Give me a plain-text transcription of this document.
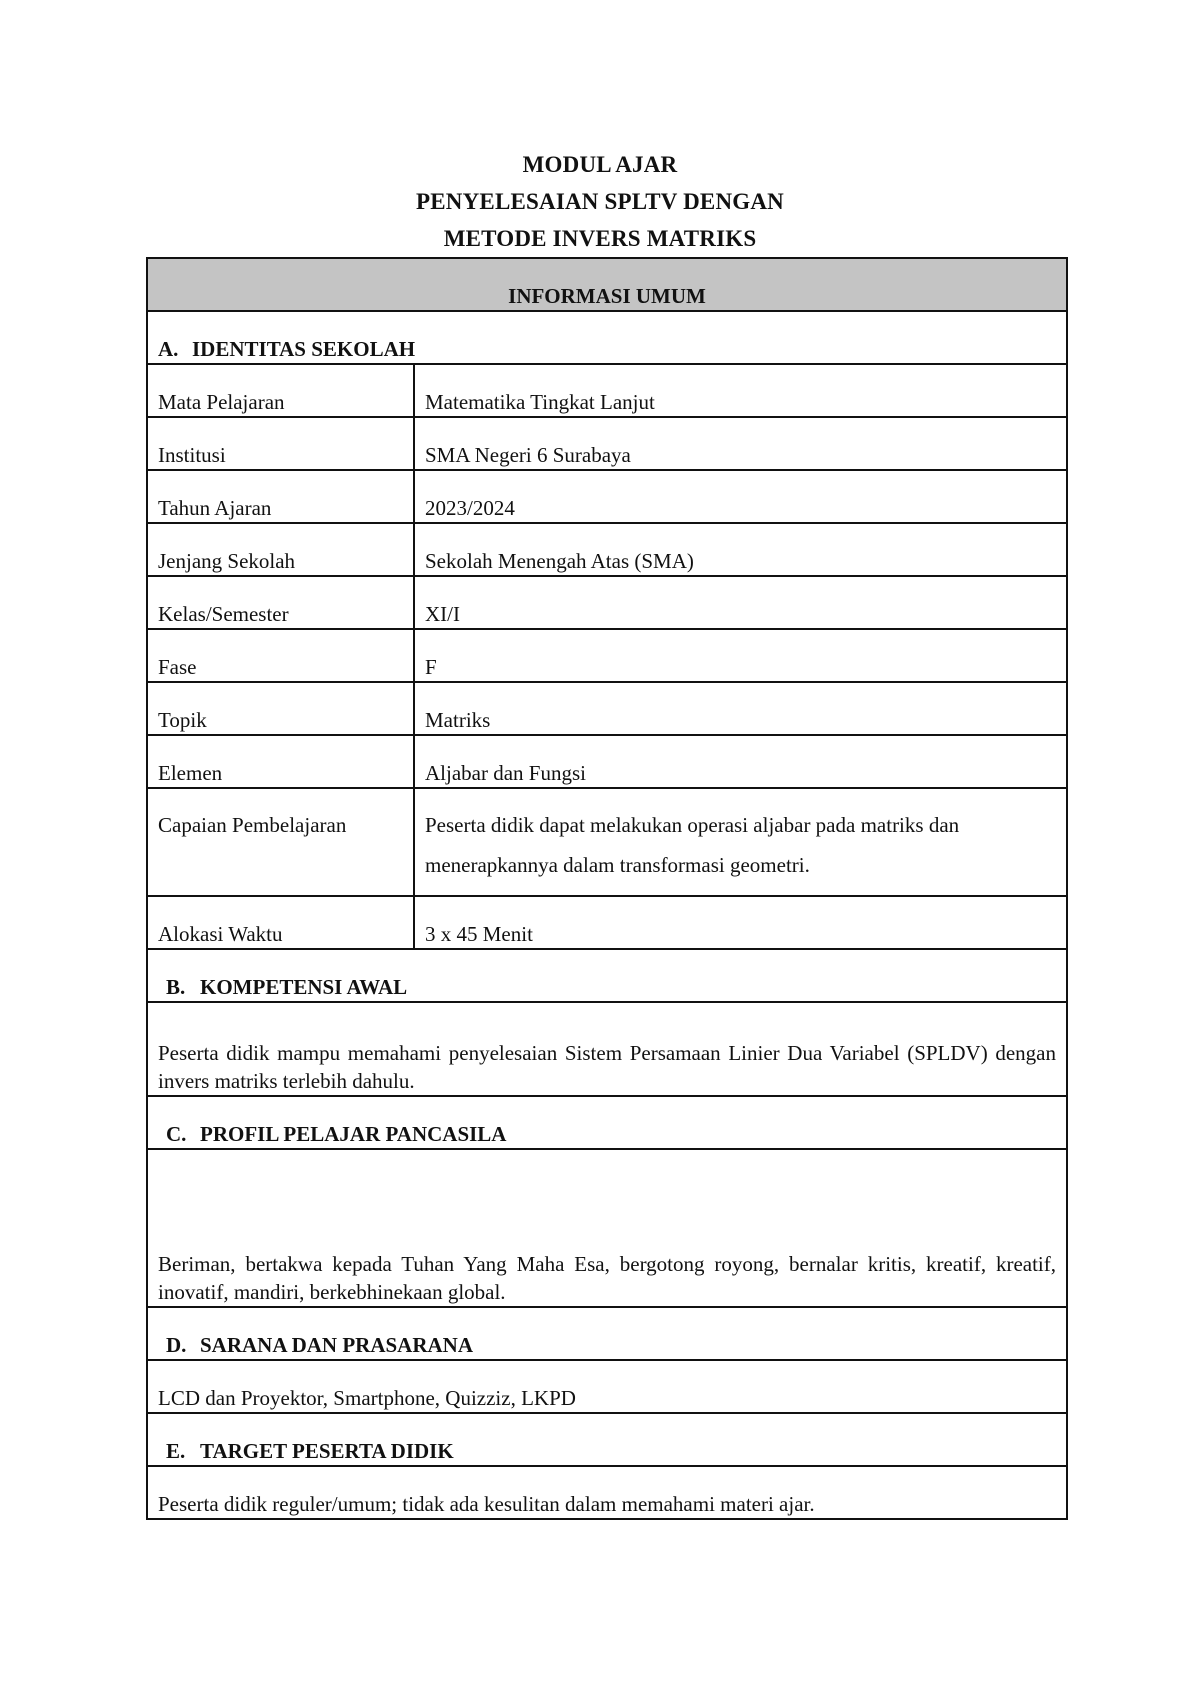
MODUL AJAR
PENYELESAIAN SPLTV DENGAN
METODE INVERS MATRIKS
INFORMASI UMUM	
A. IDENTITAS SEKOLAH	
Mata Pelajaran	Matematika Tingkat Lanjut
Institusi	SMA Negeri 6 Surabaya
Tahun Ajaran	2023/2024
Jenjang Sekolah	Sekolah Menengah Atas (SMA)
Kelas/Semester	XI/I
Fase	F
Topik	Matriks
Elemen	Aljabar dan Fungsi
Capaian Pembelajaran	Peserta didik dapat melakukan operasi aljabar pada matriks dan menerapkannya dalam transformasi geometri.
Alokasi Waktu	3 x 45 Menit
B. KOMPETENSI AWAL	
Peserta didik mampu memahami penyelesaian Sistem Persamaan Linier Dua Variabel (SPLDV) dengan invers matriks terlebih dahulu.	
C. PROFIL PELAJAR PANCASILA	
Beriman, bertakwa kepada Tuhan Yang Maha Esa, bergotong royong, bernalar kritis, kreatif, kreatif, inovatif, mandiri, berkebhinekaan global.	
D. SARANA DAN PRASARANA	
LCD dan Proyektor, Smartphone, Quizziz, LKPD	
E. TARGET PESERTA DIDIK	
Peserta didik reguler/umum; tidak ada kesulitan dalam memahami materi ajar.	
